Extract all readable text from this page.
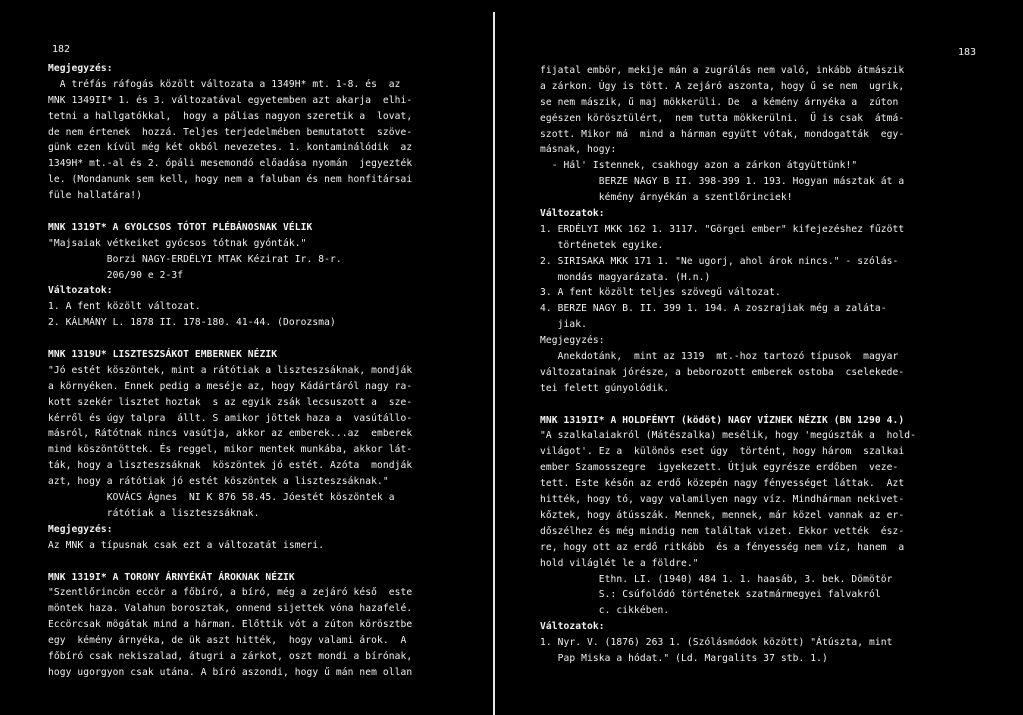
182
Megjegyzés:
A tréfás ráfogás közölt változata a 1349H* mt. 1-8. és  az
MNK 1349II* 1. és 3. változatával egyetemben azt akarja  elhi-
tetni a hallgatókkal,  hogy a pálias nagyon szeretik a  lovat,
de nem értenek  hozzá. Teljes terjedelmében bemutatott  szöve-
günk ezen kívül még két okból nevezetes. 1. kontaminálódik  az
1349H* mt.-al és 2. ópáli mesemondó előadása nyomán  jegyezték
le. (Mondanunk sem kell, hogy nem a faluban és nem honfitársai
füle hallatára!)
MNK 1319T* A GYOLCSOS TÓTOT PLÉBÁNOSNAK VÉLIK
"Majsaiak vétkeiket gyócsos tótnak gyónták."
Borzi NAGY-ERDÉLYI MTAK Kézirat Ir. 8-r.
206/90 e 2-3f
Változatok:
1. A fent közölt változat.
2. KÁLMÁNY L. 1878 II. 178-180. 41-44. (Dorozsma)
MNK 1319U* LISZTESZSÁKOT EMBERNEK NÉZIK
"Jó estét köszöntek, mint a rátótiak a liszteszsáknak, mondják
a környéken. Ennek pedig a meséje az, hogy Kádártáról nagy ra-
kott szekér lisztet hoztak  s az egyik zsák lecsuszott a  sze-
kérről és úgy talpra  állt. S amikor jöttek haza a  vasútállo-
másról, Rátótnak nincs vasútja, akkor az emberek...az  emberek
mind köszöntöttek. És reggel, mikor mentek munkába, akkor lát-
ták, hogy a liszteszsáknak  köszöntek jó estét. Azóta  mondják
azt, hogy a rátótiak jó estét köszöntek a liszteszsáknak."
KOVÁCS Ágnes  NI K 876 58.45. Jóestét köszöntek a
rátótiak a liszteszsáknak.
Megjegyzés:
Az MNK a típusnak csak ezt a változatát ismeri.
MNK 1319I* A TORONY ÁRNYÉKÁT ÁROKNAK NÉZIK
"Szentlőrincön eccör a főbíró, a bíró, még a zejáró késő  este
möntek haza. Valahun borosztak, onnend sijettek vóna hazafelé.
Eccörcsak mögátak mind a hárman. Előttik vót a zúton körösztbe
egy  kémény árnyéka, de ük aszt hitték,  hogy valami árok.  A
főbíró csak nekiszalad, átugri a zárkot, oszt mondi a bírónak,
hogy ugorgyon csak utána. A bíró aszondi, hogy ű mán nem ollan
183
fijatal embör, mekije mán a zugrálás nem való, inkább átmászik
a zárkon. Úgy is tött. A zejáró aszonta, hogy ű se nem  ugrik,
se nem mászik, ű maj mökkerüli. De  a kémény árnyéka a  zúton
egészen körösztülért,  nem tutta mökkerülni.  Ű is csak  átmá-
szott. Mikor má  mind a hárman együtt vótak, mondogatták  egy-
másnak, hogy:
- Hál' Istennek, csakhogy azon a zárkon átgyüttünk!"
BERZE NAGY B II. 398-399 1. 193. Hogyan másztak át a
kémény árnyékán a szentlőrinciek!
Változatok:
1. ERDÉLYI MKK 162 1. 3117. "Görgei ember" kifejezéshez fűzött
történetek egyike.
2. SIRISAKA MKK 171 1. "Ne ugorj, ahol árok nincs." - szólás-
mondás magyarázata. (H.n.)
3. A fent közölt teljes szövegű változat.
4. BERZE NAGY B. II. 399 1. 194. A zoszrajiak még a zaláta-
jiak.
Megjegyzés:
Anekdotánk,  mint az 1319  mt.-hoz tartozó típusok  magyar
változatainak jórésze, a beborozott emberek ostoba  cselekede-
tei felett gúnyolódik.
MNK 1319II* A HOLDFÉNYT (ködöt) NAGY VÍZNEK NÉZIK (BN 1290 4.)
"A szalkalaiakról (Mátészalka) mesélik, hogy 'megúszták a  hold-
világot'. Ez a  különös eset úgy  történt, hogy három  szalkai
ember Szamosszegre  igyekezett. Útjuk egyrésze erdőben  veze-
tett. Este későn az erdő közepén nagy fényességet láttak.  Azt
hitték, hogy tó, vagy valamilyen nagy víz. Mindhárman nekivet-
kőztek, hogy átússzák. Mennek, mennek, már közel vannak az er-
dőszélhez és még mindig nem találtak vizet. Ekkor vették  ész-
re, hogy ott az erdő ritkább  és a fényesség nem víz, hanem  a
hold világlét le a földre."
Ethn. LI. (1940) 484 1. 1. haasáb, 3. bek. Dömötör
S.: Csúfolódó történetek szatmármegyei falvakról
c. cikkében.
Változatok:
1. Nyr. V. (1876) 263 1. (Szólásmódok között) "Átúszta, mint
Pap Miska a hódat." (Ld. Margalits 37 stb. 1.)
